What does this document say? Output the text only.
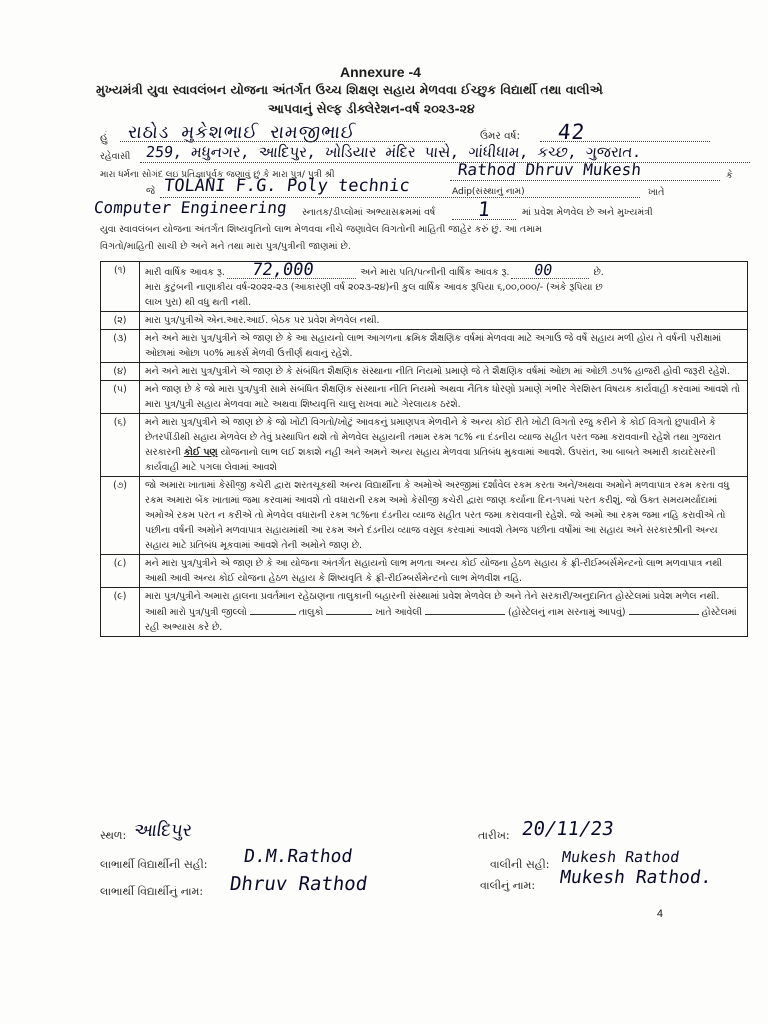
Annexure -4
મુખ્યમંત્રી યુવા સ્વાવલંબન યોજના અંતર્ગત ઉચ્ચ શિક્ષણ સહાય મેળવવા ઈચ્છુક વિદ્યાર્થી તથા વાલીએ
આપવાનું સેલ્ફ ડીક્લેરેશન-વર્ષ ૨૦૨૩-૨૪
હું રાઠોડ મુકેશભાઈ રામજીભાઈ	ઉંમર વર્ષ: 42
રહેવાસી 259, મધુનગર, આદિપુર, ખોડિયાર મંદિર પાસે, ગાંધીધામ, કચ્છ, ગુજરાત.
મારા ધર્મના સોગંદ લઇ પ્રતિજ્ઞાપૂર્વક જણાવું છું કે મારા પુત્ર/ પુત્રી શ્રી	Rathod Dhruv Mukesh	કે
જે TOLANI F.G. Poly technic	Adip(સંસ્થાનું નામ)	ખાતે
Computer Engineering સ્નાતક/ડીપ્લોમાં અભ્યાસક્રમમાં વર્ષ 1	માં પ્રવેશ મેળવેલ છે અને મુખ્યમંત્રી
યુવા સ્વાવલંબન યોજના અંતર્ગત શિષ્યવૃતિનો લાભ મેળવવા નીચે જણાવેલ વિગતોની માહિતી જાહેર કરું છું. આ તમામ
વિગતો/માહિતી સાચી છે અને મને તથા મારા પુત્ર/પુત્રીની જાણમાં છે.
(૧)	મારી વાર્ષિક આવક રૂ. 72,000 અને મારા પતિ/પત્નીની વાર્ષિક આવક રૂ. 00 છે.
મારા કુટુંબની નાણાકીય વર્ષ-૨૦૨૨-૨૩ (આકારણી વર્ષ ૨૦૨૩-૨૪)ની કુલ વાર્ષિક આવક રૂપિયા ૬,૦૦,૦૦૦/- (અંકે રૂપિયા છ
લાખ પુરા) થી વધુ થતી નથી.
(૨)	મારા પુત્ર/પુત્રીએ એન.આર.આઈ. બેઠક પર પ્રવેશ મેળવેલ નથી.
(૩)	મને અને મારા પુત્ર/પુત્રીને એ જાણ છે કે આ સહાયનો લાભ આગળના ક્રમિક શૈક્ષણિક વર્ષમાં મેળવવા માટે અગાઉ જે વર્ષે સહાય મળી હોય તે વર્ષની પરીક્ષામાં ઓછામાં ઓછા ૫૦% માર્ક્સ મેળવી ઉત્તીર્ણ થવાનું રહેશે.
(૪)	મને અને મારા પુત્ર/પુત્રીને એ જાણ છે કે સંબંધિત શૈક્ષણિક સંસ્થાના નીતિ નિયમો પ્રમાણે જે તે શૈક્ષણિક વર્ષમાં ઓછા માં ઓછી ૭૫% હાજરી હોવી જરૂરી રહેશે.
(૫)	મને જાણ છે કે જો મારા પુત્ર/પુત્રી સામે સંબંધિત શૈક્ષણિક સંસ્થાના નીતિ નિયમો અથવા નૈતિક ધોરણો પ્રમાણે ગંભીર ગેરશિસ્ત વિષયક કાર્યવાહી કરવામાં આવશે તો મારા પુત્ર/પુત્રી સહાય મેળવવા માટે અથવા શિષ્યવૃત્તિ ચાલુ રાખવા માટે ગેરલાયક ઠરશે.
(૬)	મને મારા પુત્ર/પુત્રીને એ જાણ છે કે જો ખોટી વિગતો/ખોટું આવકનું પ્રમાણપત્ર મેળવીને કે અન્ય કોઈ રીતે ખોટી વિગતો રજુ કરીને કે કોઈ વિગતો છુપાવીને કે છેતરપીંડીથી સહાય મેળવેલ છે તેવું પ્રસ્થાપિત થશે તો મેળવેલ સહાયની તમામ રકમ ૧૮% ના દંડનીય વ્યાજ સહીત પરત જમા કરાવવાની રહેશે તથા ગુજરાત સરકારની કોઈ પણ યોજનાનો લાભ લઈ શકાશે નહી અને અમને અન્ય સહાય મેળવવા પ્રતિબંધ મુકવામાં આવશે. ઉપરાંત, આ બાબતે અમારી કાયદેસરની કાર્યવાહી માટે પગલા લેવામાં આવશે
(૭)	જો અમારા ખાતામાં કેસીજી કચેરી દ્વારા શરતચૂકથી અન્ય વિદ્યાર્થીના કે અમોએ અરજીમાં દર્શાવેલ રકમ કરતા અને/અથવા અમોને મળવાપાત્ર રકમ કરતા વધુ રકમ અમારા બેંક ખાતામાં જમા કરવામાં આવશે તો વધારાની રકમ અમો કેસીજી કચેરી દ્વારા જાણ કર્યાના દિન-૧૫માં પરત કરીશું. જો ઉક્ત સમયમર્યાદામાં અમોએ રકમ પરત ન કરીએ તો મેળવેલ વધારાની રકમ ૧૮%ના દંડનીય વ્યાજ સહીત પરત જમા કરાવવાની રહેશે. જો અમો આ રકમ જમા નહિ કરાવીએ તો પછીના વર્ષની અમોને મળવાપાત્ર સહાયમાંથી આ રકમ અને દંડનીય વ્યાજ વસૂલ કરવામાં આવશે તેમજ પછીના વર્ષોમાં આ સહાય અને સરકારશ્રીની અન્ય સહાય માટે પ્રતિબંધ મૂકવામાં આવશે તેની અમોને જાણ છે.
(૮)	મને મારા પુત્ર/પુત્રીને એ જાણ છે કે આ યોજના અંતર્ગત સહાયનો લાભ મળતા અન્ય કોઈ યોજના હેઠળ સહાય કે ફ્રી-રીઈમ્બર્સમેન્ટનો લાભ મળવાપાત્ર નથી આથી આવી અન્ય કોઈ યોજના હેઠળ સહાય કે શિષ્યવૃતિ કે ફ્રી-રીઈમ્બર્સમેન્ટનો લાભ મેળવીશ નહિ.
(૯)	મારા પુત્ર/પુત્રીને અમારા હાલના પ્રવર્તમાન રહેઠાણના તાલુકાની બહારની સંસ્થામાં પ્રવેશ મેળવેલ છે અને તેને સરકારી/અનુદાનિત હોસ્ટેલમાં પ્રવેશ મળેલ નથી. આથી મારો પુત્ર/પુત્રી જીલ્લો તાલુકો ખાતે આવેલી (હોસ્ટેલનું નામ સરનામું આપવું) હોસ્ટેલમાં રહી અભ્યાસ કરે છે.
સ્થળ: આદિપુર	તારીખ: 20/11/23
લાભાર્થી વિદ્યાર્થીની સહી: D.M.Rathod	વાલીની સહી: Mukesh Rathod
લાભાર્થી વિદ્યાર્થીનું નામ: Dhruv Rathod	વાલીનું નામ: Mukesh Rathod.
4
